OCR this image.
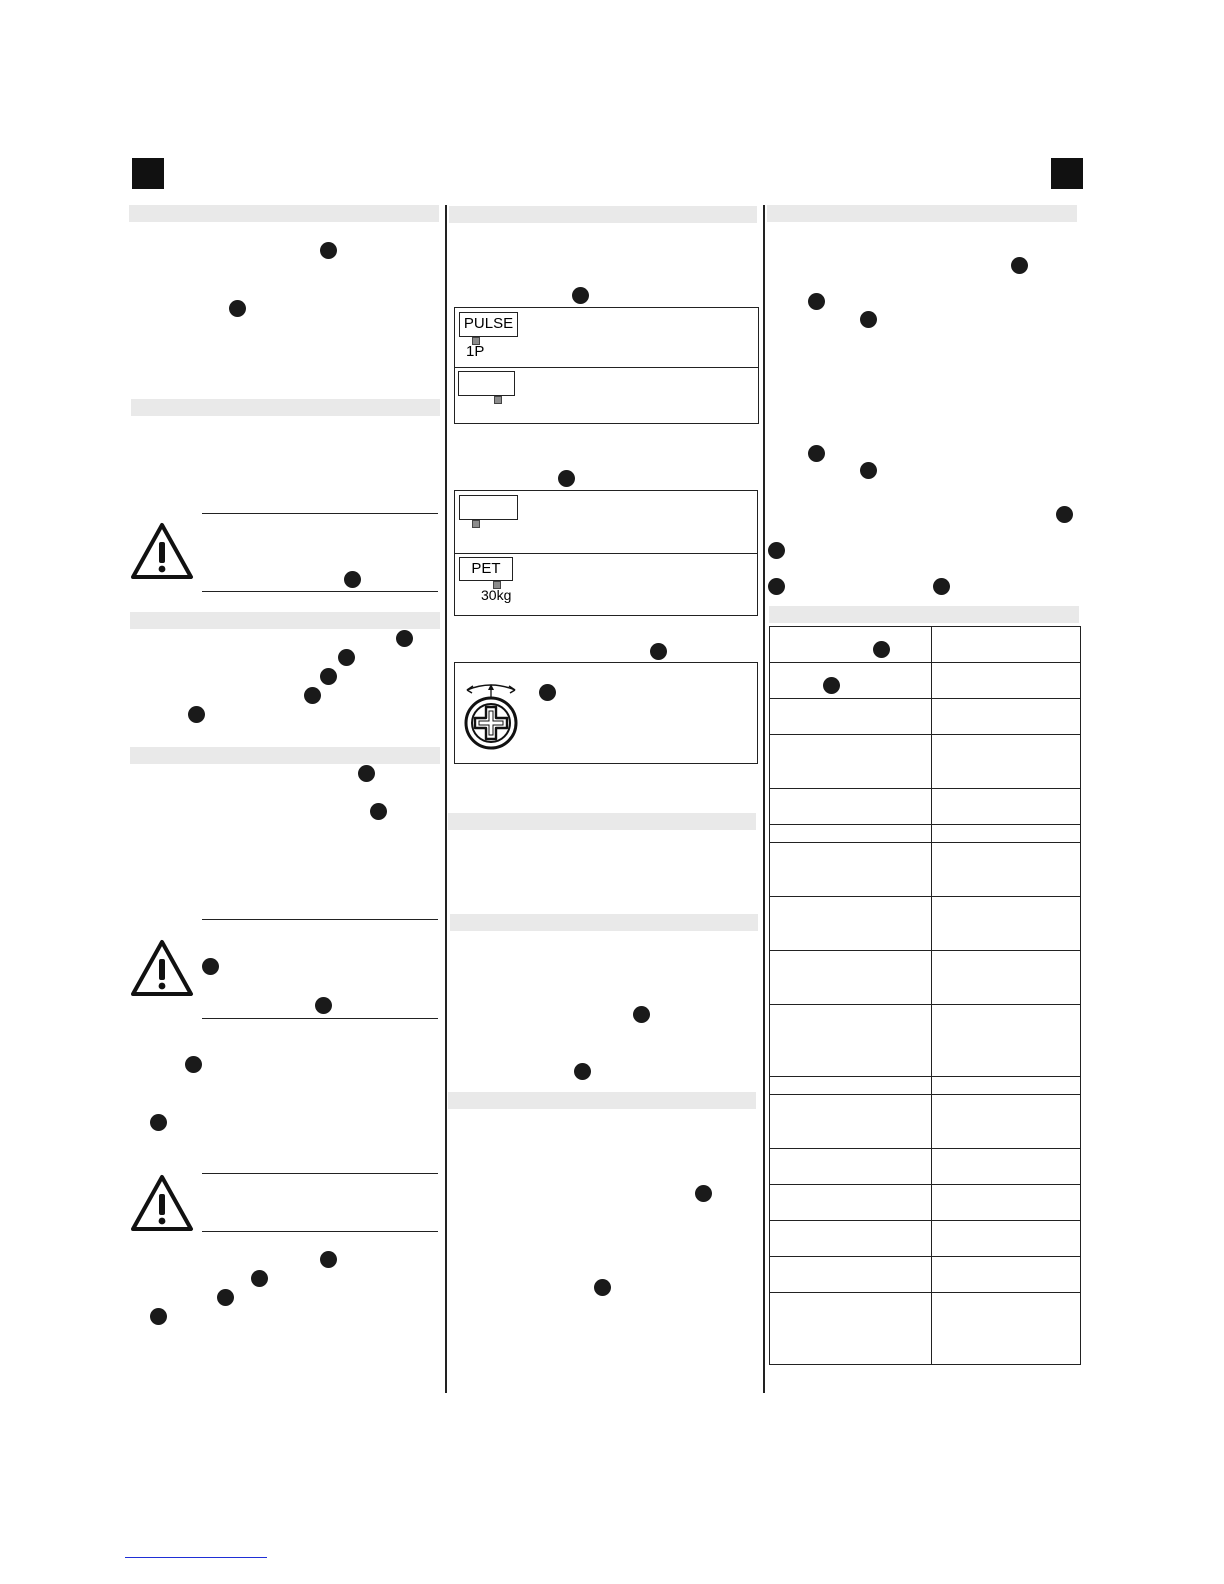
PULSE
1P
PET
30kg
